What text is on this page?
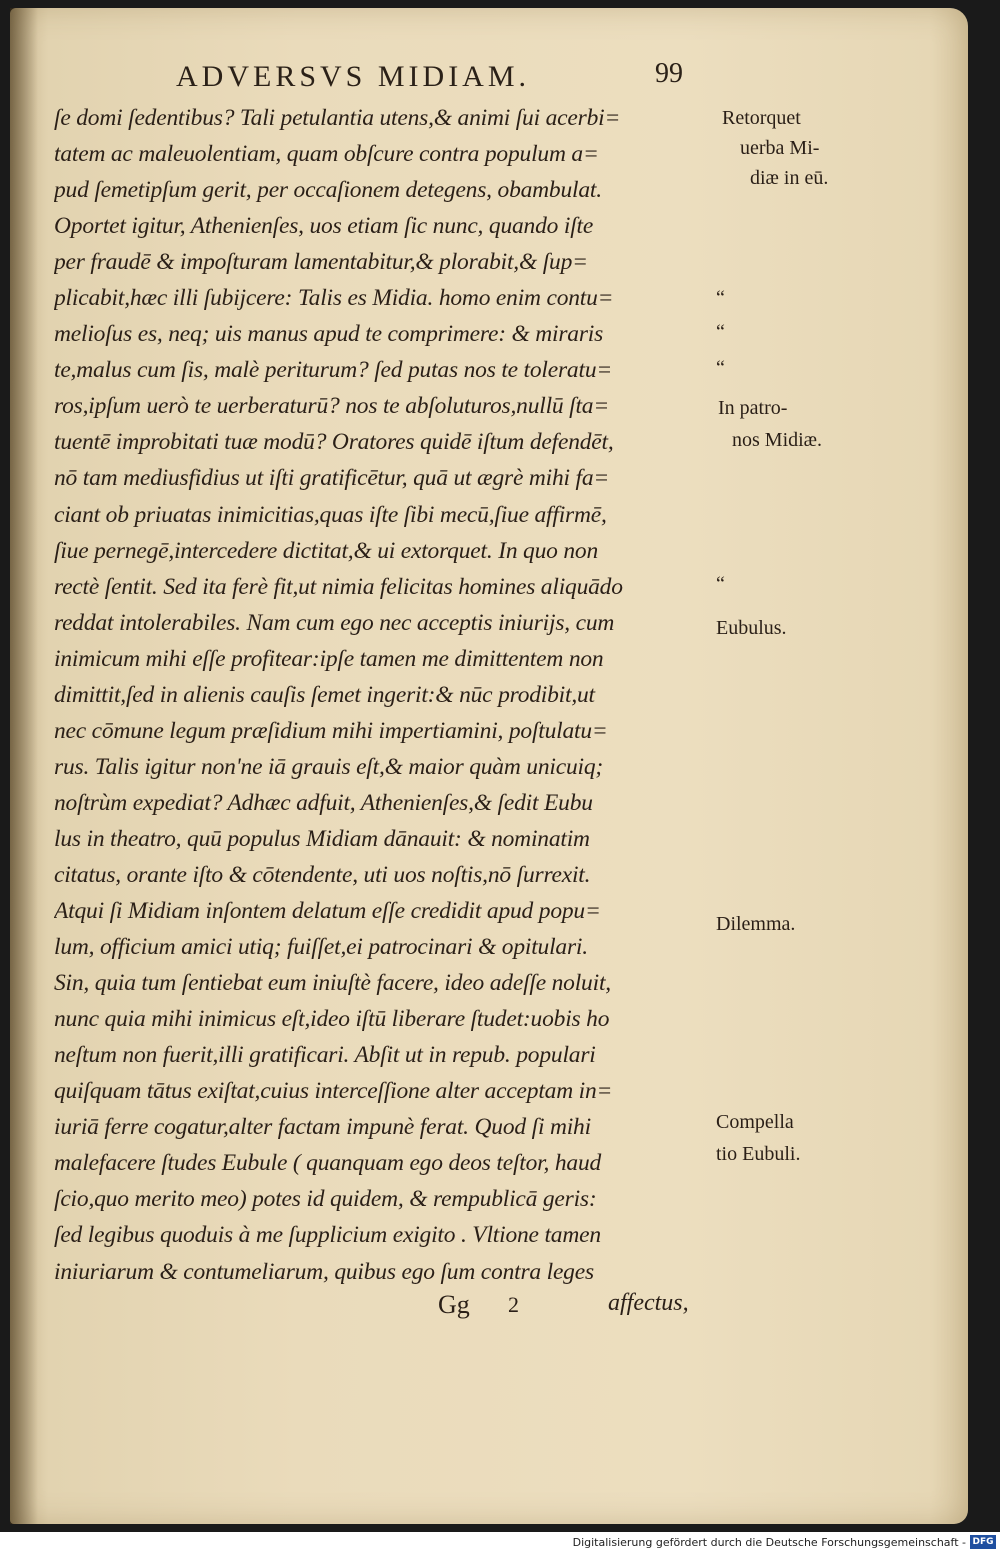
ADVERSVS MIDIAM.	99
ſe domi ſedentibus? Tali petulantia utens,& animi ſui acerbi=
tatem ac maleuolentiam, quam obſcure contra populum a=
pud ſemetipſum gerit, per occaſionem detegens, obambulat.
Oportet igitur, Athenienſes, uos etiam ſic nunc, quando iſte
per fraudē & impoſturam lamentabitur,& plorabit,& ſup=
plicabit,hæc illi ſubijcere: Talis es Midia. homo enim contu=
melioſus es, neq; uis manus apud te comprimere: & miraris
te,malus cum ſis, malè periturum? ſed putas nos te toleratu=
ros,ipſum uerò te uerberaturū? nos te abſoluturos,nullū ſta=
tuentē improbitati tuæ modū? Oratores quidē iſtum defendēt,
nō tam mediusfidius ut iſti gratificētur, quā ut ægrè mihi fa=
ciant ob priuatas inimicitias,quas iſte ſibi mecū,ſiue affirmē,
ſiue pernegē,intercedere dictitat,& ui extorquet. In quo non
rectè ſentit. Sed ita ferè fit,ut nimia felicitas homines aliquādo
reddat intolerabiles. Nam cum ego nec acceptis iniurijs, cum
inimicum mihi eſſe profitear:ipſe tamen me dimittentem non
dimittit,ſed in alienis cauſis ſemet ingerit:& nūc prodibit,ut
nec cōmune legum præſidium mihi impertiamini, poſtulatu=
rus. Talis igitur non'ne iā grauis eſt,& maior quàm unicuiq;
noſtrùm expediat? Adhæc adfuit, Athenienſes,& ſedit Eubu
lus in theatro, quū populus Midiam dānauit: & nominatim
citatus, orante iſto & cōtendente, uti uos noſtis,nō ſurrexit.
Atqui ſi Midiam inſontem delatum eſſe credidit apud popu=
lum, officium amici utiq; fuiſſet,ei patrocinari & opitulari.
Sin, quia tum ſentiebat eum iniuſtè facere, ideo adeſſe noluit,
nunc quia mihi inimicus eſt,ideo iſtū liberare ſtudet:uobis ho
neſtum non fuerit,illi gratificari. Abſit ut in repub. populari
quiſquam tātus exiſtat,cuius interceſſione alter acceptam in=
iuriā ferre cogatur,alter factam impunè ferat. Quod ſi mihi
malefacere ſtudes Eubule ( quanquam ego deos teſtor, haud
ſcio,quo merito meo) potes id quidem, & rempublicā geris:
ſed legibus quoduis à me ſupplicium exigito . Vltione tamen
iniuriarum & contumeliarum, quibus ego ſum contra leges
Retorquet
uerba Mi-
diæ in eū.
“
“
“
In patro-
nos Midiæ.
“
Eubulus.
Dilemma.
Compella
tio Eubuli.
Gg 2	affectus,
Digitalisierung gefördert durch die Deutsche Forschungsgemeinschaft - DFG
